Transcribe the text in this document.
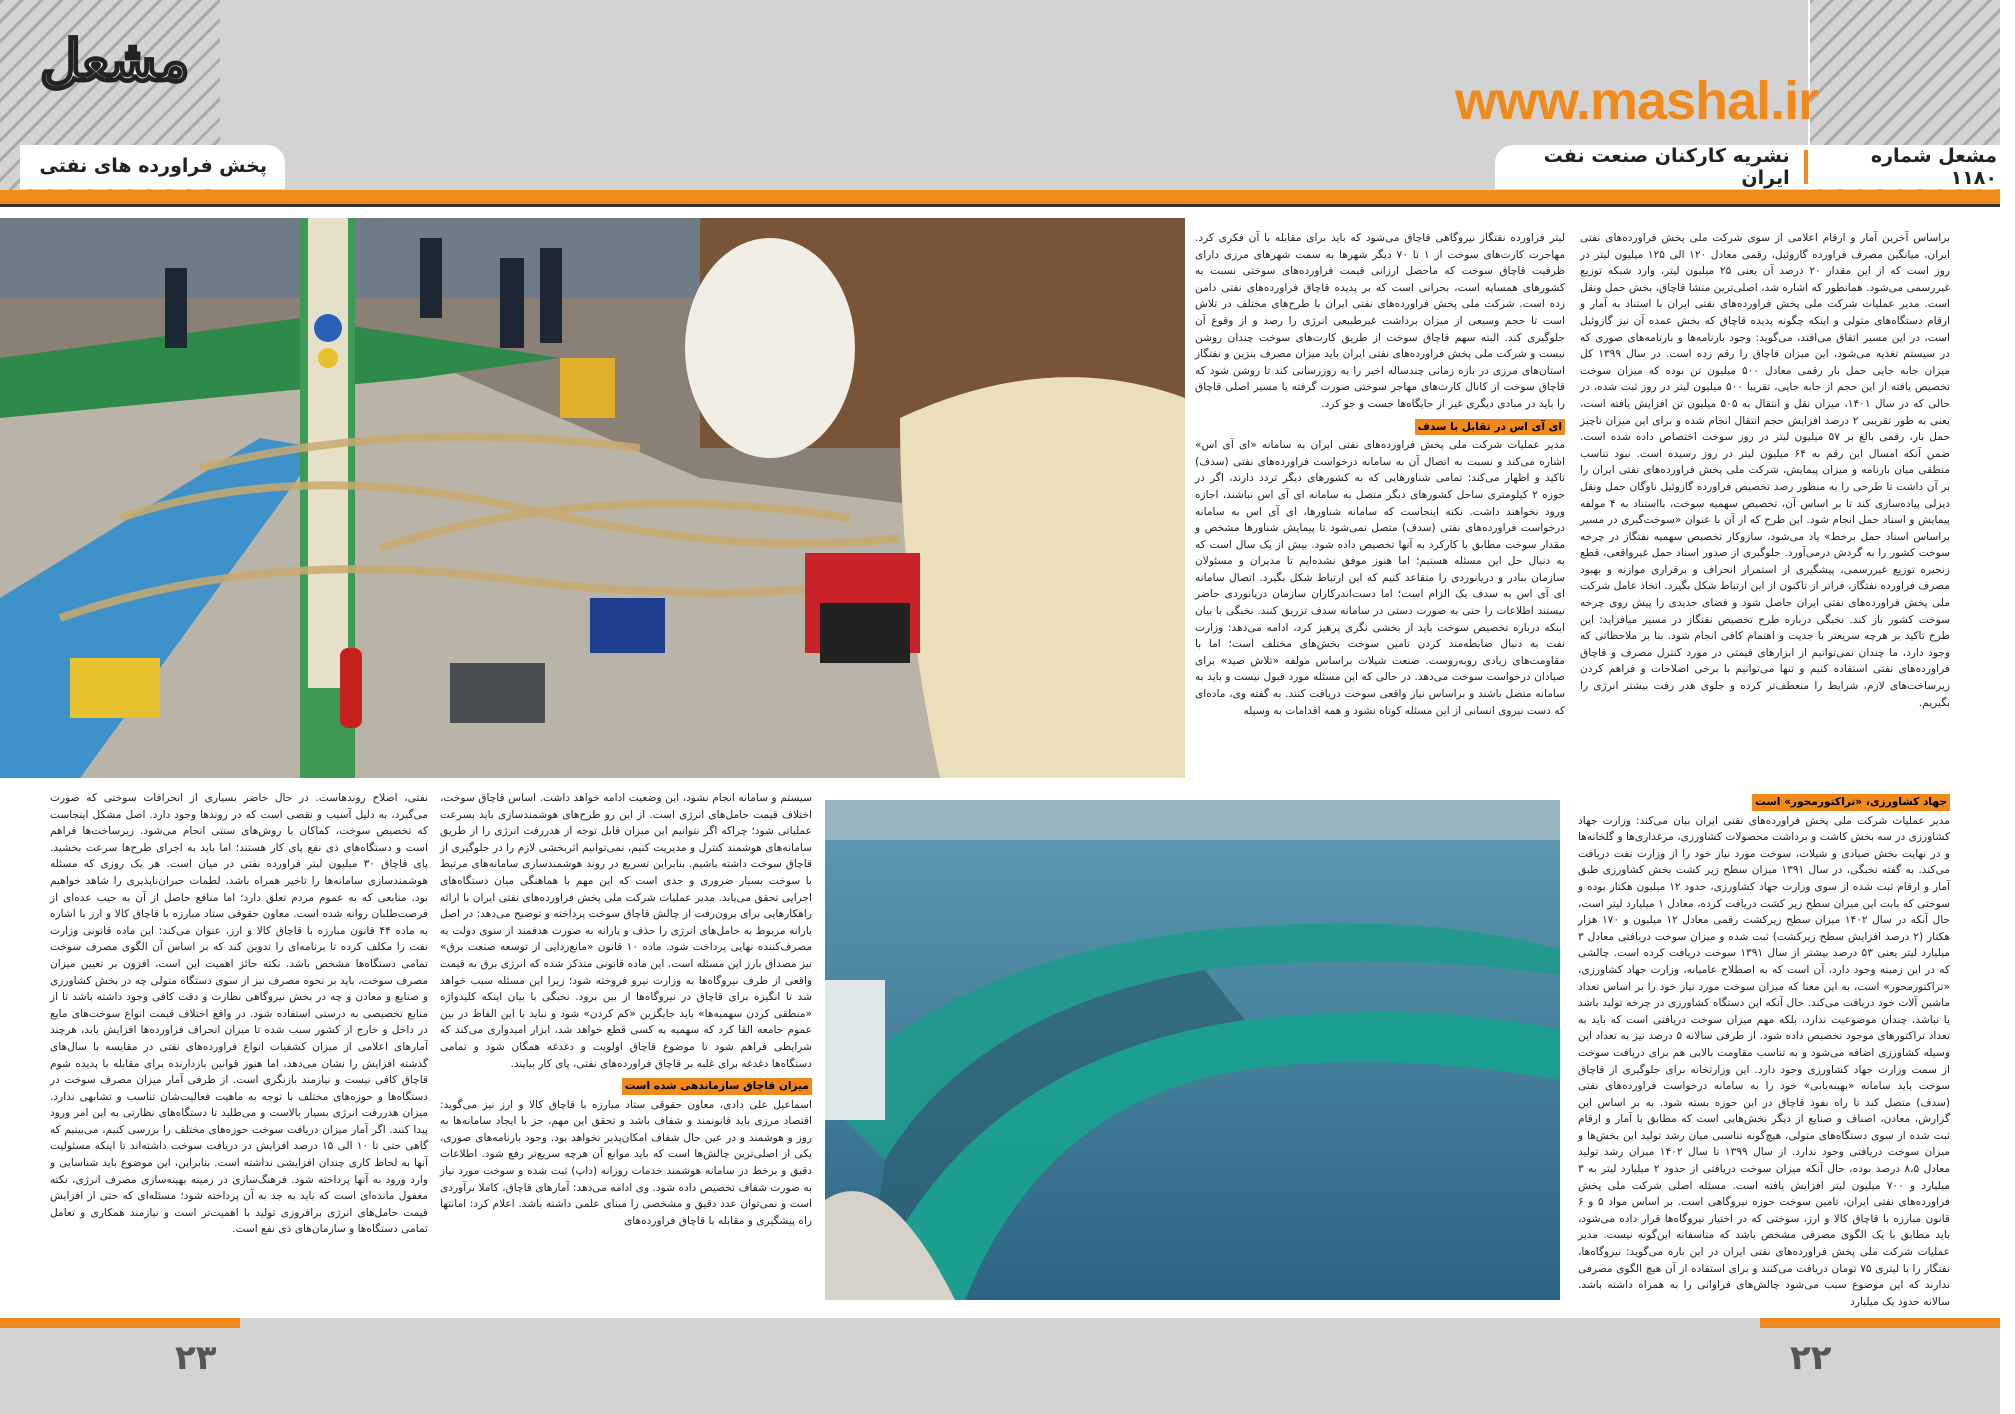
مشعل
www.mashal.ir
پخش فراورده های نفتی	مشعل شماره ۱۱۸۰
نشریه کارکنان صنعت نفت ایران

لیتر فراورده نفتگاز نیروگاهی قاچاق می‌شود که باید برای مقابله با آن فکری کرد. مهاجرت کارت‌های سوخت از ۱ تا ۷۰ دیگر شهرها به سمت شهرهای مرزی دارای ظرفیت قاچاق سوخت که ماحصل ارزانی قیمت فراورده‌های سوختی نسبت به کشورهای همسایه است، بحرانی است که بر پدیده قاچاق فراورده‌های نفتی دامن زده است. شرکت ملی پخش فراورده‌های نفتی ایران با طرح‌های مختلف در تلاش است تا حجم وسیعی از میزان برداشت غیرطبیعی انرژی را رصد و از وقوع آن جلوگیری کند. البته سهم قاچاق سوخت از طریق کارت‌های سوخت چندان روشن نیست و شرکت ملی پخش فراورده‌های نفتی ایران باید میزان مصرف بنزین و نفتگاز استان‌های مرزی در بازه زمانی چندساله اخیر را به روزرسانی کند تا روشن شود که قاچاق سوخت از کانال کارت‌های مهاجر سوختی صورت گرفته یا مسیر اصلی قاچاق را باید در مبادی دیگری غیر از جایگاه‌ها جست و جو کرد.

ای آی اس در تقابل با سدف

مدیر عملیات شرکت ملی پخش فراورده‌های نفتی ایران به سامانه «ای آی اس» اشاره می‌کند و نسبت به اتصال آن به سامانه درخواست فراورده‌های نفتی (سدف) تاکید و اظهار می‌کند: تمامی شناورهایی که به کشورهای دیگر تردد دارند، اگر در حوزه ۲ کیلومتری ساحل کشورهای دیگر متصل به سامانه ای آی اس نباشند، اجازه ورود نخواهند داشت. نکته اینجاست که سامانه شناورها، ای آی اس به سامانه درخواست فراورده‌های نفتی (سدف) متصل نمی‌شود تا پیمایش شناورها مشخص و مقدار سوخت مطابق با کارکرد به آنها تخصیص داده شود. بیش از یک سال است که به دنبال حل این مسئله هستیم؛ اما هنوز موفق نشده‌ایم تا مدیران و مسئولان سازمان بنادر و دریانوردی را متقاعد کنیم که این ارتباط شکل بگیرد. اتصال سامانه ای آی اس به سدف یک الزام است؛ اما دست‌اندرکاران سازمان دریانوردی حاضر نیستند اطلاعات را حتی به صورت دستی در سامانه سدف تزریق کنند. نخبگی با بیان اینکه درباره تخصیص سوخت باید از بخشی نگری پرهیز کرد، ادامه می‌دهد: وزارت نفت به دنبال ضابطه‌مند کردن تامین سوخت بخش‌های مختلف است؛ اما با مقاومت‌های زیادی روبه‌روست. صنعت شیلات براساس مولفه «تلاش صید» برای صیادان درخواست سوخت می‌دهد. در حالی که این مسئله مورد قبول نیست و باید به سامانه متصل باشند و براساس نیاز واقعی سوخت دریافت کنند. به گفته وی، ماده‌ای که دست نیروی انسانی از این مسئله کوتاه نشود و همه اقدامات به وسیله

براساس آخرین آمار و ارقام اعلامی از سوی شرکت ملی پخش فراورده‌های نفتی ایران، میانگین مصرف فراورده گازوئیل، رقمی معادل ۱۲۰ الی ۱۲۵ میلیون لیتر در روز است که از این مقدار ۲۰ درصد آن یعنی ۲۵ میلیون لیتر، وارد شبکه توزیع غیررسمی می‌شود. همانطور که اشاره شد، اصلی‌ترین منشا قاچاق، بخش حمل ونقل است. مدیر عملیات شرکت ملی پخش فراورده‌های نفتی ایران با استناد به آمار و ارقام دستگاه‌های متولی و اینکه چگونه پدیده قاچاق که بخش عمده آن نیز گازوئیل است، در این مسیر اتفاق می‌افتد، می‌گوید: وجود بارنامه‌ها و بارنامه‌های صوری که در سیستم تغذیه می‌شود، این میزان قاچاق را رقم زده است. در سال ۱۳۹۹ کل میزان جابه جایی حمل بار رقمی معادل ۵۰۰ میلیون تن بوده که میزان سوخت تخصیص یافته از این حجم از جابه جایی، تقریبا ۵۰۰ میلیون لیتر در روز ثبت شده، در حالی که در سال ۱۴۰۱، میزان نقل و انتقال به ۵۰۵ میلیون تن افزایش یافته است، یعنی به طور تقریبی ۲ درصد افزایش حجم انتقال انجام شده و برای این میزان ناچیز حمل بار، رقمی بالغ بر ۵۷ میلیون لیتر در روز سوخت اختصاص داده شده است. ضمن آنکه امسال این رقم به ۶۴ میلیون لیتر در روز رسیده است. نبود تناسب منطقی میان بارنامه و میزان پیمایش، شرکت ملی پخش فراورده‌های نفتی ایران را بر آن داشت تا طرحی را به منظور رصد تخصیص فراورده گازوئیل ناوگان حمل ونقل دیزلی پیاده‌سازی کند تا بر اساس آن، تخصیص سهمیه سوخت، بااستناد به ۴ مولفه پیمایش و اسناد حمل انجام شود. این طرح که از آن با عنوان «سوخت‌گیری در مسیر براساس اسناد حمل برخط» یاد می‌شود، سازوکار تخصیص سهمیه نفتگاز در چرخه سوخت کشور را به گردش درمی‌آورد. جلوگیری از صدور اسناد حمل غیرواقعی، قطع زنجیره توزیع غیررسمی، پیشگیری از استمرار انحراف و برقراری موازنه و بهبود مصرف فراورده نفتگاز، فراتر از تاکنون از این ارتباط شکل بگیرد. اتخاذ عامل شرکت ملی پخش فراورده‌های نفتی ایران حاصل شود و فضای جدیدی را پیش روی چرخه سوخت کشور باز کند. نخبگی درباره طرح تخصیص نفتگاز در مسیر میافزاید: این طرح تاکید بر هرچه سریعتر با جدیت و اهتمام کافی انجام شود. بنا بر ملاحظاتی که وجود دارد، ما چندان نمی‌توانیم از ابزارهای قیمتی در مورد کنترل مصرف و قاچاق فراورده‌های نفتی استفاده کنیم و تنها می‌توانیم با برخی اصلاحات و فراهم کردن زیرساخت‌های لازم، شرایط را منعطف‌تر کرده و جلوی هدر رفت بیشتر انرژی را بگیریم.

نفتی، اصلاح روندهاست. در حال حاضر بسیاری از انحرافات سوختی که صورت می‌گیرد، به دلیل آسیب و نقصی است که در روندها وجود دارد. اصل مشکل اینجاست که تخصیص سوخت، کماکان با روش‌های سنتی انجام می‌شود. زیرساخت‌ها فراهم است و دستگاه‌های ذی نفع پای کار هستند؛ اما باید به اجرای طرح‌ها سرعت بخشید. پای قاچاق ۳۰ میلیون لیتر فراورده نفتی در میان است. هر یک روزی که مسئله هوشمندسازی سامانه‌ها را تاخیر همراه باشد، لطمات جبران‌ناپذیری را شاهد خواهیم بود. منابعی که به عموم مردم تعلق دارد؛ اما منافع حاصل از آن به جیب عده‌ای از فرصت‌طلبان روانه شده است. معاون حقوقی ستاد مبارزه با قاچاق کالا و ارز با اشاره به ماده ۴۴ قانون مبارزه با قاچاق کالا و ارز، عنوان می‌کند: این ماده قانونی وزارت نفت را مکلف کرده تا برنامه‌ای را تدوین کند که بر اساس آن الگوی مصرف سوخت تمامی دستگاه‌ها مشخص باشد. نکته حائز اهمیت این است، افزون بر تعیین میزان مصرف سوخت، باید بر نحوه مصرف نیز از سوی دستگاه متولی چه در بخش کشاورزی و صنایع و معادن و چه در بخش نیروگاهی نظارت و دقت کافی وجود داشته باشد تا از منابع تخصیصی به درستی استفاده شود. در واقع اختلاف قیمت انواع سوخت‌های مایع در داخل و خارج از کشور سبب شده تا میزان انحراف فراورده‌ها افزایش یابد، هرچند آمارهای اعلامی از میزان کشفیات انواع فراورده‌های نفتی در مقایسه با سال‌های گذشته افزایش را نشان می‌دهد، اما هنوز قوانین بازدارنده برای مقابله با پدیده شوم قاچاق کافی نیست و نیازمند بازنگری است. از طرفی آمار میزان مصرف سوخت در دستگاه‌ها و حوزه‌های مختلف با توجه به ماهیت فعالیت‌شان تناسب و تشابهی ندارد. میزان هدررفت انرژی بسیار بالاست و می‌طلبد تا دستگاه‌های نظارتی به این امر ورود پیدا کنند. اگر آمار میزان دریافت سوخت حوزه‌های مختلف را بررسی کنیم، می‌بینیم که گاهی حتی تا ۱۰ الی ۱۵ درصد افزایش در دریافت سوخت داشته‌اند تا اینکه مسئولیت آنها به لحاظ کاری چندان افزایشی نداشته است. بنابراین، این موضوع باید شناسایی و وارد ورود به آنها پرداخته شود. فرهنگ‌سازی در زمینه بهینه‌سازی مصرف انرژی، نکته مغفول مانده‌ای است که باید به جد به آن پرداخته شود؛ مسئله‌ای که حتی از افزایش قیمت حامل‌های انرژی برافروزی تولید با اهمیت‌تر است و نیازمند همکاری و تعامل تمامی دستگاه‌ها و سازمان‌های ذی نفع است.

سیستم و سامانه انجام نشود، این وضعیت ادامه خواهد داشت. اساس قاچاق سوخت، اختلاف قیمت حامل‌های انرژی است. از این رو طرح‌های هوشمندسازی باید بسرعت عملیاتی شود؛ چراکه اگر نتوانیم این میزان قابل توجه از هدررفت انرژی را از طریق سامانه‌های هوشمند کنترل و مدیریت کنیم، نمی‌توانیم اثربخشی لازم را در جلوگیری از قاچاق سوخت داشته باشیم. بنابراین تسریع در روند هوشمندسازی سامانه‌های مرتبط با سوخت بسیار ضروری و جدی است که این مهم با هماهنگی میان دستگاه‌های اجرایی تحقق می‌یابد. مدیر عملیات شرکت ملی پخش فراورده‌های نفتی ایران با ارائه راهکارهایی برای برون‌رفت از چالش قاچاق سوخت پرداخته و توضیح می‌دهد: در اصل یارانه مربوط به حامل‌های انرژی را حذف و یارانه به صورت هدفمند از سوی دولت به مصرف‌کننده نهایی پرداخت شود. ماده ۱۰ قانون «مانع‌زدایی از توسعه صنعت برق» نیز مصداق بارز این مسئله است. این ماده قانونی متذکر شده که انرژی برق به قیمت واقعی از طرف نیروگاه‌ها به وزارت نیرو فروخته شود؛ زیرا این مسئله سبب خواهد شد تا انگیزه برای قاچاق در نیروگاه‌ها از بین برود. نخبگی با بیان اینکه کلیدواژه «منطقی کردن سهمیه‌ها» باید جایگزین «کم کردن» شود و نباید با این الفاظ در بین عموم جامعه القا کرد که سهمیه به کسی قطع خواهد شد، ابزار امیدواری می‌کند که شرایطی فراهم شود تا موضوع قاچاق اولویت و دغدغه همگان شود و تمامی دستگاه‌ها دغدغه برای غلبه بر قاچاق فراورده‌های نفتی، پای کار بیایند.

میزان قاچاق سازماندهی شده است

اسماعیل علی دادی، معاون حقوقی ستاد مبارزه با قاچاق کالا و ارز نیز می‌گوید: اقتصاد مرزی باید قانونمند و شفاف باشد و تحقق این مهم، جز با ایجاد سامانه‌ها به روز و هوشمند و در عین حال شفاف امکان‌پذیر نخواهد بود. وجود بارنامه‌های صوری، یکی از اصلی‌ترین چالش‌ها است که باید موانع آن هرچه سریع‌تر رفع شود. اطلاعات دقیق و برخط در سامانه هوشمند خدمات روزانه (داپ) ثبت شده و سوخت مورد نیاز به صورت شفاف تخصیص داده شود. وی ادامه می‌دهد: آمارهای قاچاق، کاملا برآوردی است و نمی‌توان عدد دقیق و مشخصی را مبنای علمی داشته باشد. اعلام کرد: امانتها راه پیشگیری و مقابله با قاچاق فراورده‌های

جهاد کشاورزی، «تراکتورمحور» است

مدیر عملیات شرکت ملی پخش فراورده‌های نفتی ایران بیان می‌کند: وزارت جهاد کشاورزی در سه بخش کاشت و برداشت محصولات کشاورزی، مرغداری‌ها و گلخانه‌ها و در نهایت بخش صیادی و شیلات، سوخت مورد نیاز خود را از وزارت نفت دریافت می‌کند. به گفته نخبگی، در سال ۱۳۹۱ میزان سطح زیر کشت بخش کشاورزی طبق آمار و ارقام ثبت شده از سوی وزارت جهاد کشاورزی، حدود ۱۲ میلیون هکتار بوده و سوختی که بابت این میزان سطح زیر کشت دریافت کرده، معادل ۱ میلیارد لیتر است، حال آنکه در سال ۱۴۰۲ میزان سطح زیرکشت رقمی معادل ۱۲ میلیون و ۱۷۰ هزار هکتار (۲ درصد افزایش سطح زیرکشت) ثبت شده و میزان سوخت دریافتی معادل ۳ میلیارد لیتر یعنی ۵۳ درصد بیشتر از سال ۱۳۹۱ سوخت دریافت کرده است. چالشی که در این زمینه وجود دارد، آن است که به اصطلاح عامیانه، وزارت جهاد کشاورزی، «تراکتورمحور» است، به این معنا که میزان سوخت مورد نیاز خود را بر اساس تعداد ماشین آلات خود دریافت می‌کند. حال آنکه این دستگاه کشاورزی در چرخه تولید باشد یا نباشد، چندان موضوعیت ندارد، بلکه مهم میزان سوخت دریافتی است که باید به تعداد تراکتورهای موجود تخصیص داده شود. از طرفی سالانه ۵ درصد نیز به تعداد این وسیله کشاورزی اضافه می‌شود و به تناسب مقاومت بالایی هم برای دریافت سوخت از سمت وزارت جهاد کشاورزی وجود دارد. این وزارتخانه برای جلوگیری از قاچاق سوخت باید سامانه «بهینه‌یابی» خود را به سامانه درخواست فراورده‌های نفتی (سدف) متصل کند تا راه نفوذ قاچاق در این حوزه بسته شود. به بر اساس این گزارش، معادن، اصناف و صنایع از دیگر بخش‌هایی است که مطابق با آمار و ارقام ثبت شده از سوی دستگاه‌های متولی، هیچ‌گونه تناسبی میان رشد تولید این بخش‌ها و میزان سوخت دریافتی وجود ندارد. از سال ۱۳۹۹ تا سال ۱۴۰۲ میزان رشد تولید معادل ۸،۵ درصد بوده، حال آنکه میزان سوخت دریافتی از حدود ۲ میلیارد لیتر به ۳ میلیارد و ۷۰۰ میلیون لیتر افزایش یافته است. مسئله اصلی شرکت ملی پخش فراورده‌های نفتی ایران، تامین سوخت حوزه نیروگاهی است. بر اساس مواد ۵ و ۶ قانون مبارزه با قاچاق کالا و ارز، سوختی که در اختیار نیروگاه‌ها قرار داده می‌شود، باید مطابق با یک الگوی مصرفی مشخص باشد که متاسفانه این‌گونه نیست. مدیر عملیات شرکت ملی پخش فراورده‌های نفتی ایران در این باره می‌گوید: نیروگاه‌ها، نفتگاز را با لیتری ۷۵ تومان دریافت می‌کنند و برای استفاده از آن هیچ الگوی مصرفی ندارند که این موضوع سبب می‌شود چالش‌های فراوانی را به همراه داشته باشد. سالانه حدود یک میلیارد

۲۳	۲۲
